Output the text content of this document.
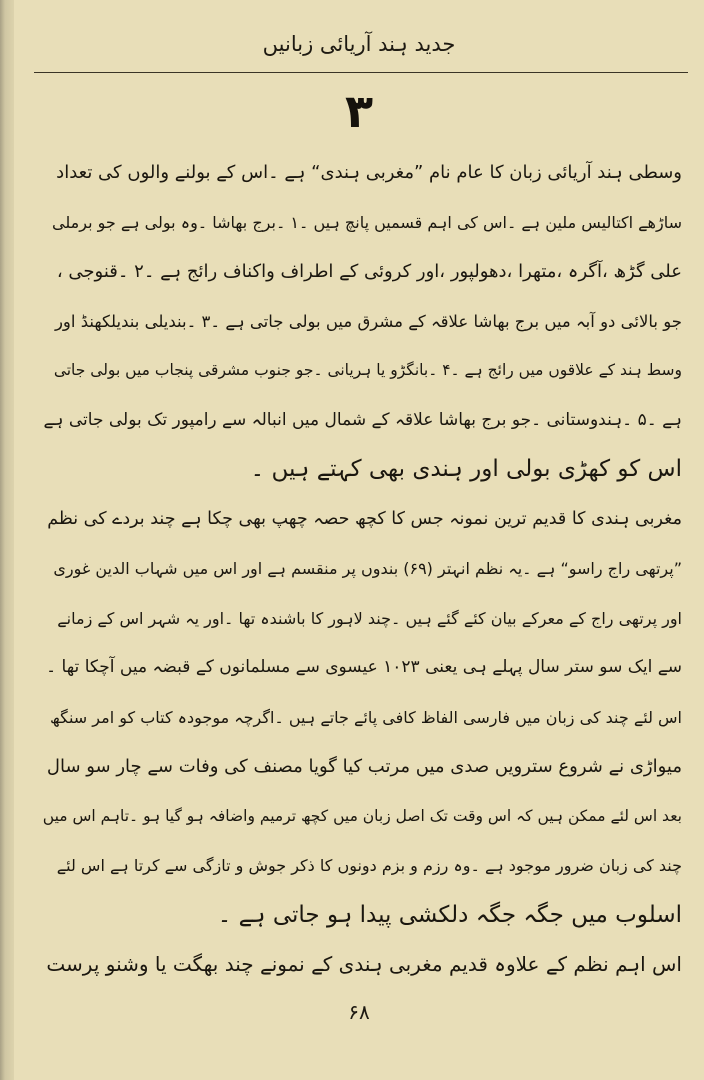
جدید ہند آریائی زبانیں
۳
وسطی ہند آریائی زبان کا عام نام ”مغربی ہندی“ ہے ۔اس کے بولنے والوں کی تعداد
ساڑھے اکتالیس ملین ہے ۔اس کی اہم قسمیں پانچ ہیں ۔۱ ۔برج بھاشا ۔وہ بولی ہے جو برملی
علی گڑھ ،آگرہ ،متھرا ،دھولپور ،اور کروئی کے اطراف واکناف رائج ہے ۔۲ ۔قنوجی ،
جو بالائی دو آبہ میں برج بھاشا علاقہ کے مشرق میں بولی جاتی ہے ۔۳ ۔بندیلی بندیلکھنڈ اور
وسط ہند کے علاقوں میں رائج ہے ۔۴ ۔بانگڑو یا ہریانی ۔جو جنوب مشرقی پنجاب میں بولی جاتی
ہے ۔۵ ۔ہندوستانی ۔جو برج بھاشا علاقہ کے شمال میں انبالہ سے رامپور تک بولی جاتی ہے
اس کو کھڑی بولی اور ہندی بھی کہتے ہیں ۔
مغربی ہندی کا قدیم ترین نمونہ جس کا کچھ حصہ چھپ بھی چکا ہے چند بردے کی نظم
”پرتھی راج راسو“ ہے ۔یہ نظم انہتر (۶۹) بندوں پر منقسم ہے اور اس میں شہاب الدین غوری
اور پرتھی راج کے معرکے بیان کئے گئے ہیں ۔چند لاہور کا باشندہ تھا ۔اور یہ شہر اس کے زمانے
سے ایک سو ستر سال پہلے ہی یعنی ۱۰۲۳ عیسوی سے مسلمانوں کے قبضہ میں آچکا تھا ۔
اس لئے چند کی زبان میں فارسی الفاظ کافی پائے جاتے ہیں ۔اگرچہ موجودہ کتاب کو امر سنگھ
میواڑی نے شروع سترویں صدی میں مرتب کیا گویا مصنف کی وفات سے چار سو سال
بعد اس لئے ممکن ہیں کہ اس وقت تک اصل زبان میں کچھ ترمیم واضافہ ہو گیا ہو ۔تاہم اس میں
چند کی زبان ضرور موجود ہے ۔وہ رزم و بزم دونوں کا ذکر جوش و تازگی سے کرتا ہے اس لئے
اسلوب میں جگہ جگہ دلکشی پیدا ہو جاتی ہے ۔
اس اہم نظم کے علاوہ قدیم مغربی ہندی کے نمونے چند بھگت یا وشنو پرست
۶۸
